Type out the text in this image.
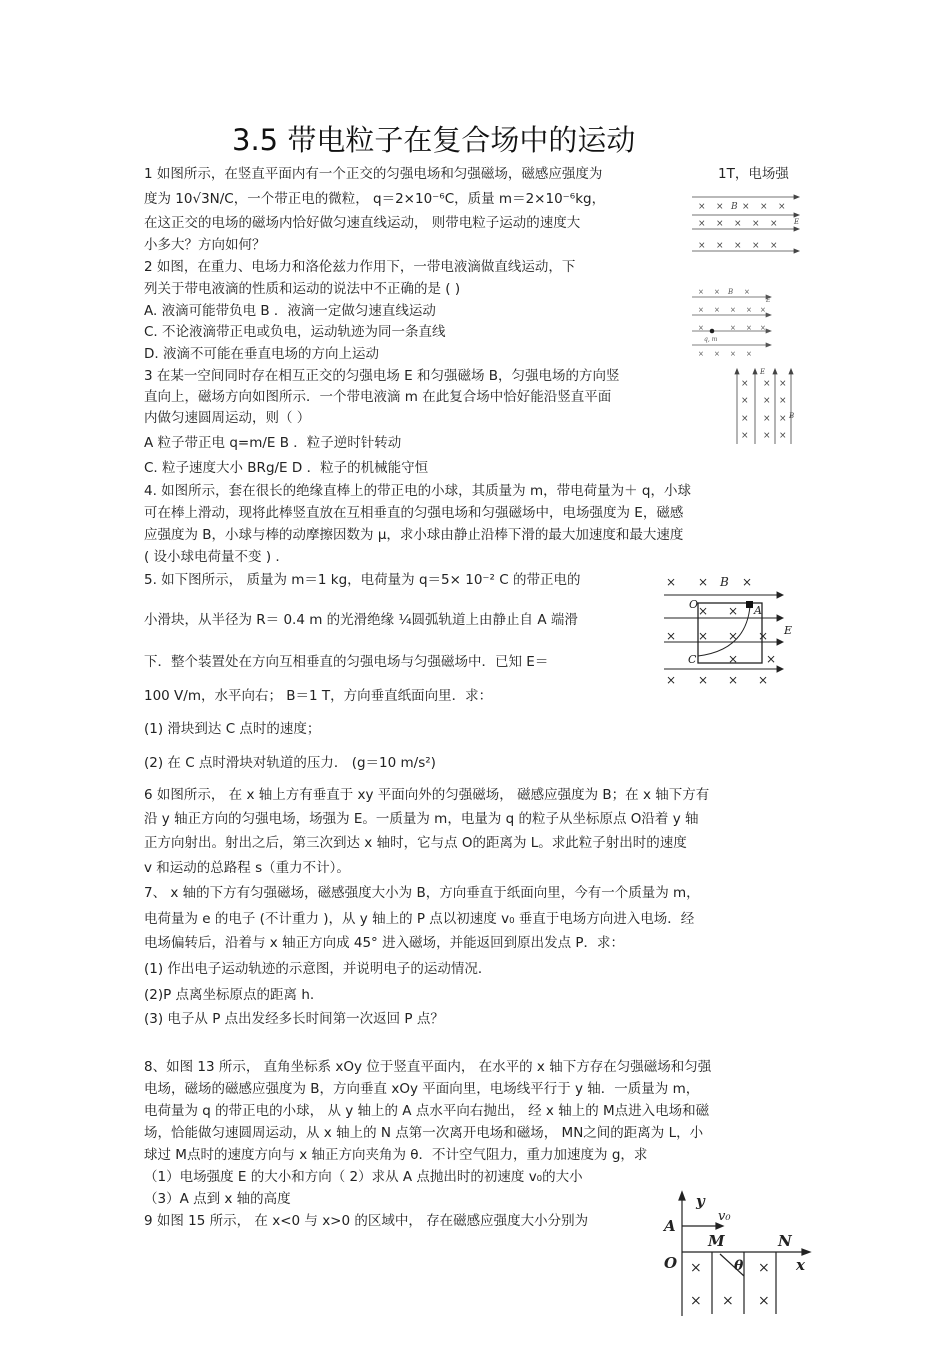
3.5 带电粒子在复合场中的运动
1 如图所示，在竖直平面内有一个正交的匀强电场和匀强磁场，磁感应强度为	1T，电场强
度为 10√3N/C，一个带正电的微粒， q＝2×10⁻⁶C，质量 m＝2×10⁻⁶kg，
在这正交的电场的磁场内恰好做匀速直线运动， 则带电粒子运动的速度大
小多大？方向如何？
2 如图，在重力、电场力和洛伦兹力作用下，一带电液滴做直线运动，下
列关于带电液滴的性质和运动的说法中不正确的是 ( )
A. 液滴可能带负电 B ．液滴一定做匀速直线运动
C. 不论液滴带正电或负电，运动轨迹为同一条直线
D. 液滴不可能在垂直电场的方向上运动
3 在某一空间同时存在相互正交的匀强电场 E 和匀强磁场 B，匀强电场的方向竖
直向上，磁场方向如图所示．一个带电液滴 m 在此复合场中恰好能沿竖直平面
内做匀速圆周运动，则（ ）
A 粒子带正电 q=m/E B ．粒子逆时针转动
C. 粒子速度大小 BRg/E D ．粒子的机械能守恒
4. 如图所示，套在很长的绝缘直棒上的带正电的小球，其质量为 m，带电荷量为＋ q，小球
可在棒上滑动，现将此棒竖直放在互相垂直的匀强电场和匀强磁场中，电场强度为 E，磁感
应强度为 B，小球与棒的动摩擦因数为 μ，求小球由静止沿棒下滑的最大加速度和最大速度
( 设小球电荷量不变 ) .
5. 如下图所示， 质量为 m＝1 kg，电荷量为 q＝5× 10⁻² C 的带正电的
小滑块，从半径为 R＝ 0.4 m 的光滑绝缘 ¼圆弧轨道上由静止自 A 端滑
下．整个装置处在方向互相垂直的匀强电场与匀强磁场中．已知 E＝
100 V/m，水平向右； B＝1 T，方向垂直纸面向里．求：
(1) 滑块到达 C 点时的速度；
(2) 在 C 点时滑块对轨道的压力． (g＝10 m/s²)
6 如图所示， 在 x 轴上方有垂直于 xy 平面向外的匀强磁场， 磁感应强度为 B；在 x 轴下方有
沿 y 轴正方向的匀强电场，场强为 E。一质量为 m，电量为 q 的粒子从坐标原点 O沿着 y 轴
正方向射出。射出之后，第三次到达 x 轴时，它与点 O的距离为 L。求此粒子射出时的速度
v 和运动的总路程 s（重力不计）。
7、 x 轴的下方有匀强磁场，磁感强度大小为 B，方向垂直于纸面向里，今有一个质量为 m，
电荷量为 e 的电子 (不计重力 )，从 y 轴上的 P 点以初速度 v₀ 垂直于电场方向进入电场．经
电场偏转后，沿着与 x 轴正方向成 45° 进入磁场，并能返回到原出发点 P．求：
(1) 作出电子运动轨迹的示意图，并说明电子的运动情况．
(2)P 点离坐标原点的距离 h.
(3) 电子从 P 点出发经多长时间第一次返回 P 点？
8、如图 13 所示， 直角坐标系 xOy 位于竖直平面内， 在水平的 x 轴下方存在匀强磁场和匀强
电场，磁场的磁感应强度为 B，方向垂直 xOy 平面向里，电场线平行于 y 轴．一质量为 m，
电荷量为 q 的带正电的小球， 从 y 轴上的 A 点水平向右抛出， 经 x 轴上的 M点进入电场和磁
场，恰能做匀速圆周运动，从 x 轴上的 N 点第一次离开电场和磁场， MN之间的距离为 L，小
球过 M点时的速度方向与 x 轴正方向夹角为 θ．不计空气阻力，重力加速度为 g，求
（1）电场强度 E 的大小和方向（ 2）求从 A 点抛出时的初速度 v₀的大小
（3）A 点到 x 轴的高度
9 如图 15 所示， 在 x<0 与 x>0 的区域中， 存在磁感应强度大小分别为
× × × × ×
× × × × ×
× × × × ×
B
E
× ×	×
× × × × ×
×	× × ×
× × × ×
B
E
q, m
× × ×
× × ×
× × ×
× × ×
E
B
× ×	×
× ×
× × × ×
× ×
× × × ×
B
O	A
C
E
×	×
× × ×
y
v₀
A
M	N
O	θ	x
